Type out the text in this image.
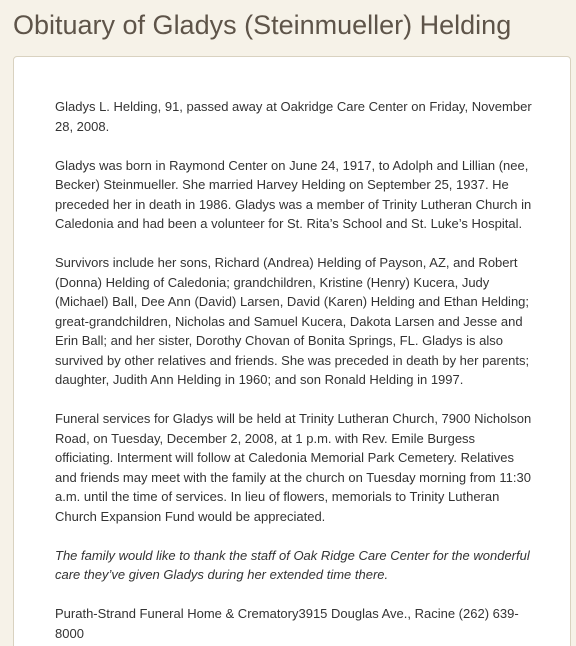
Obituary of Gladys (Steinmueller) Helding

Gladys L. Helding, 91, passed away at Oakridge Care Center on Friday, November 28, 2008.

Gladys was born in Raymond Center on June 24, 1917, to Adolph and Lillian (nee, Becker) Steinmueller. She married Harvey Helding on September 25, 1937. He preceded her in death in 1986. Gladys was a member of Trinity Lutheran Church in Caledonia and had been a volunteer for St. Rita’s School and St. Luke’s Hospital.

Survivors include her sons, Richard (Andrea) Helding of Payson, AZ, and Robert (Donna) Helding of Caledonia; grandchildren, Kristine (Henry) Kucera, Judy (Michael) Ball, Dee Ann (David) Larsen, David (Karen) Helding and Ethan Helding; great-grandchildren, Nicholas and Samuel Kucera, Dakota Larsen and Jesse and Erin Ball; and her sister, Dorothy Chovan of Bonita Springs, FL. Gladys is also survived by other relatives and friends. She was preceded in death by her parents; daughter, Judith Ann Helding in 1960; and son Ronald Helding in 1997.

Funeral services for Gladys will be held at Trinity Lutheran Church, 7900 Nicholson Road, on Tuesday, December 2, 2008, at 1 p.m. with Rev. Emile Burgess officiating. Interment will follow at Caledonia Memorial Park Cemetery. Relatives and friends may meet with the family at the church on Tuesday morning from 11:30 a.m. until the time of services. In lieu of flowers, memorials to Trinity Lutheran Church Expansion Fund would be appreciated.

The family would like to thank the staff of Oak Ridge Care Center for the wonderful care they’ve given Gladys during her extended time there.

Purath-Strand Funeral Home & Crematory3915 Douglas Ave., Racine (262) 639-8000
